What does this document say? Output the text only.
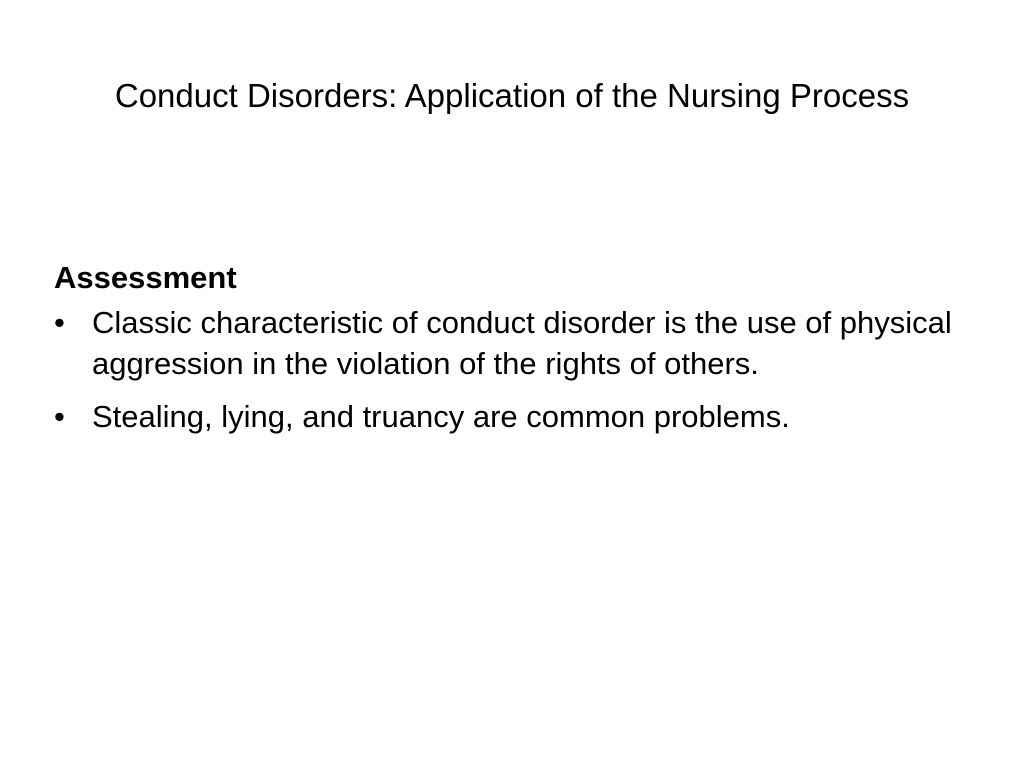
Conduct Disorders: Application of the Nursing Process
Assessment
• Classic characteristic of conduct disorder is the use of physical aggression in the violation of the rights of others.
• Stealing, lying, and truancy are common problems.
